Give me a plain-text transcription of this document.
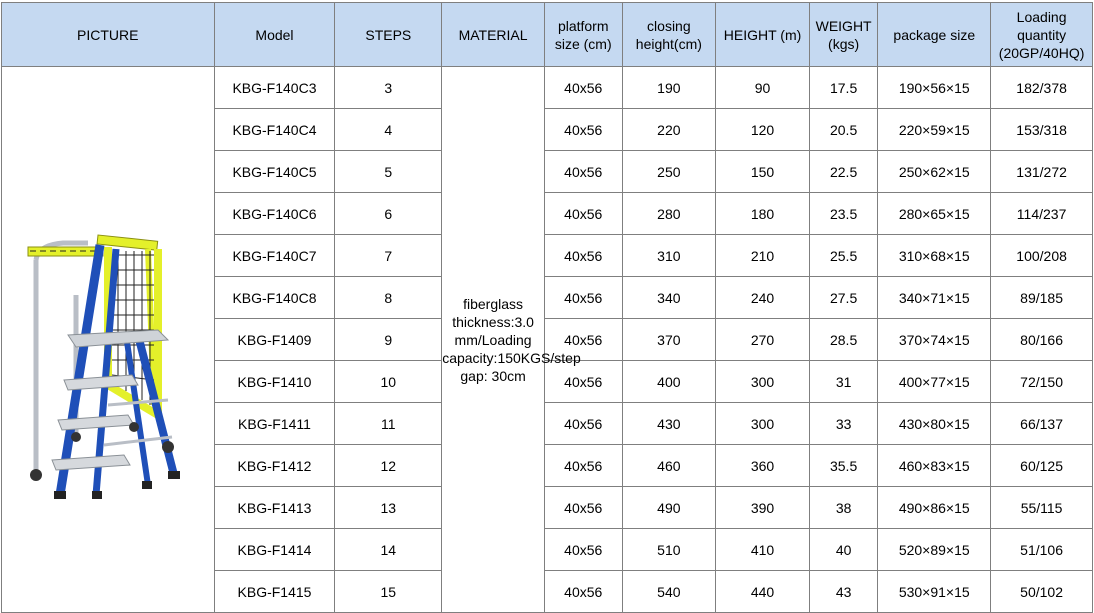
PICTURE	Model	STEPS	MATERIAL	platform size (cm)	closing height(cm)	HEIGHT (m)	WEIGHT (kgs)	package size	Loading quantity (20GP/40HQ)

	KBG-F140C3	3	fiberglass thickness:3.0 mm/Loading capacity:150KGS/step gap: 30cm	40x56	190	90	17.5	190×56×15	182/378
	KBG-F140C4	4		40x56	220	120	20.5	220×59×15	153/318
	KBG-F140C5	5		40x56	250	150	22.5	250×62×15	131/272
	KBG-F140C6	6		40x56	280	180	23.5	280×65×15	114/237
	KBG-F140C7	7		40x56	310	210	25.5	310×68×15	100/208
	KBG-F140C8	8		40x56	340	240	27.5	340×71×15	89/185
	KBG-F1409	9		40x56	370	270	28.5	370×74×15	80/166
	KBG-F1410	10		40x56	400	300	31	400×77×15	72/150
	KBG-F1411	11		40x56	430	300	33	430×80×15	66/137
	KBG-F1412	12		40x56	460	360	35.5	460×83×15	60/125
	KBG-F1413	13		40x56	490	390	38	490×86×15	55/115
	KBG-F1414	14		40x56	510	410	40	520×89×15	51/106
	KBG-F1415	15		40x56	540	440	43	530×91×15	50/102
